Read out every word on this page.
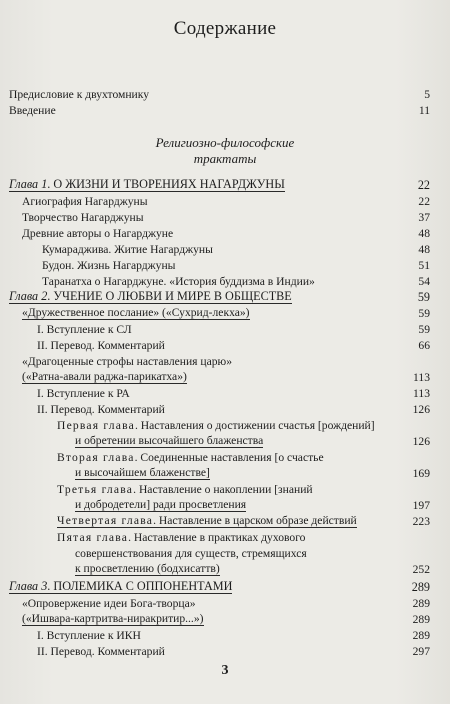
Содержание
Предисловие к двухтомнику	5
Введение	11
Религиозно-философские
трактаты
Глава 1. О ЖИЗНИ И ТВОРЕНИЯХ НАГАРДЖУНЫ	22
Агиография Нагарджуны	22
Творчество Нагарджуны	37
Древние авторы о Нагарджуне	48
Кумараджива. Житие Нагарджуны	48
Будон. Жизнь Нагарджуны	51
Таранатха о Нагарджуне. «История буддизма в Индии»	54
Глава 2. УЧЕНИЕ О ЛЮБВИ И МИРЕ В ОБЩЕСТВЕ	59
«Дружественное послание» («Сухрид-лекха»)	59
I. Вступление к СЛ	59
II. Перевод. Комментарий	66
«Драгоценные строфы наставления царю»
(«Ратна-авали раджа-парикатха»)	113
I. Вступление к РА	113
II. Перевод. Комментарий	126
Первая глава. Наставления о достижении счастья [рождений]
и обретении высочайшего блаженства	126
Вторая глава. Соединенные наставления [о счастье
и высочайшем блаженстве]	169
Третья глава. Наставление о накоплении [знаний
и добродетели] ради просветления	197
Четвертая глава. Наставление в царском образе действий	223
Пятая глава. Наставление в практиках духового
совершенствования для существ, стремящихся
к просветлению (бодхисаттв)	252
Глава 3. ПОЛЕМИКА С ОППОНЕНТАМИ	289
«Опровержение идеи Бога-творца»	289
(«Ишвара-картритва-ниракритир...»)	289
I. Вступление к ИКН	289
II. Перевод. Комментарий	297
3
